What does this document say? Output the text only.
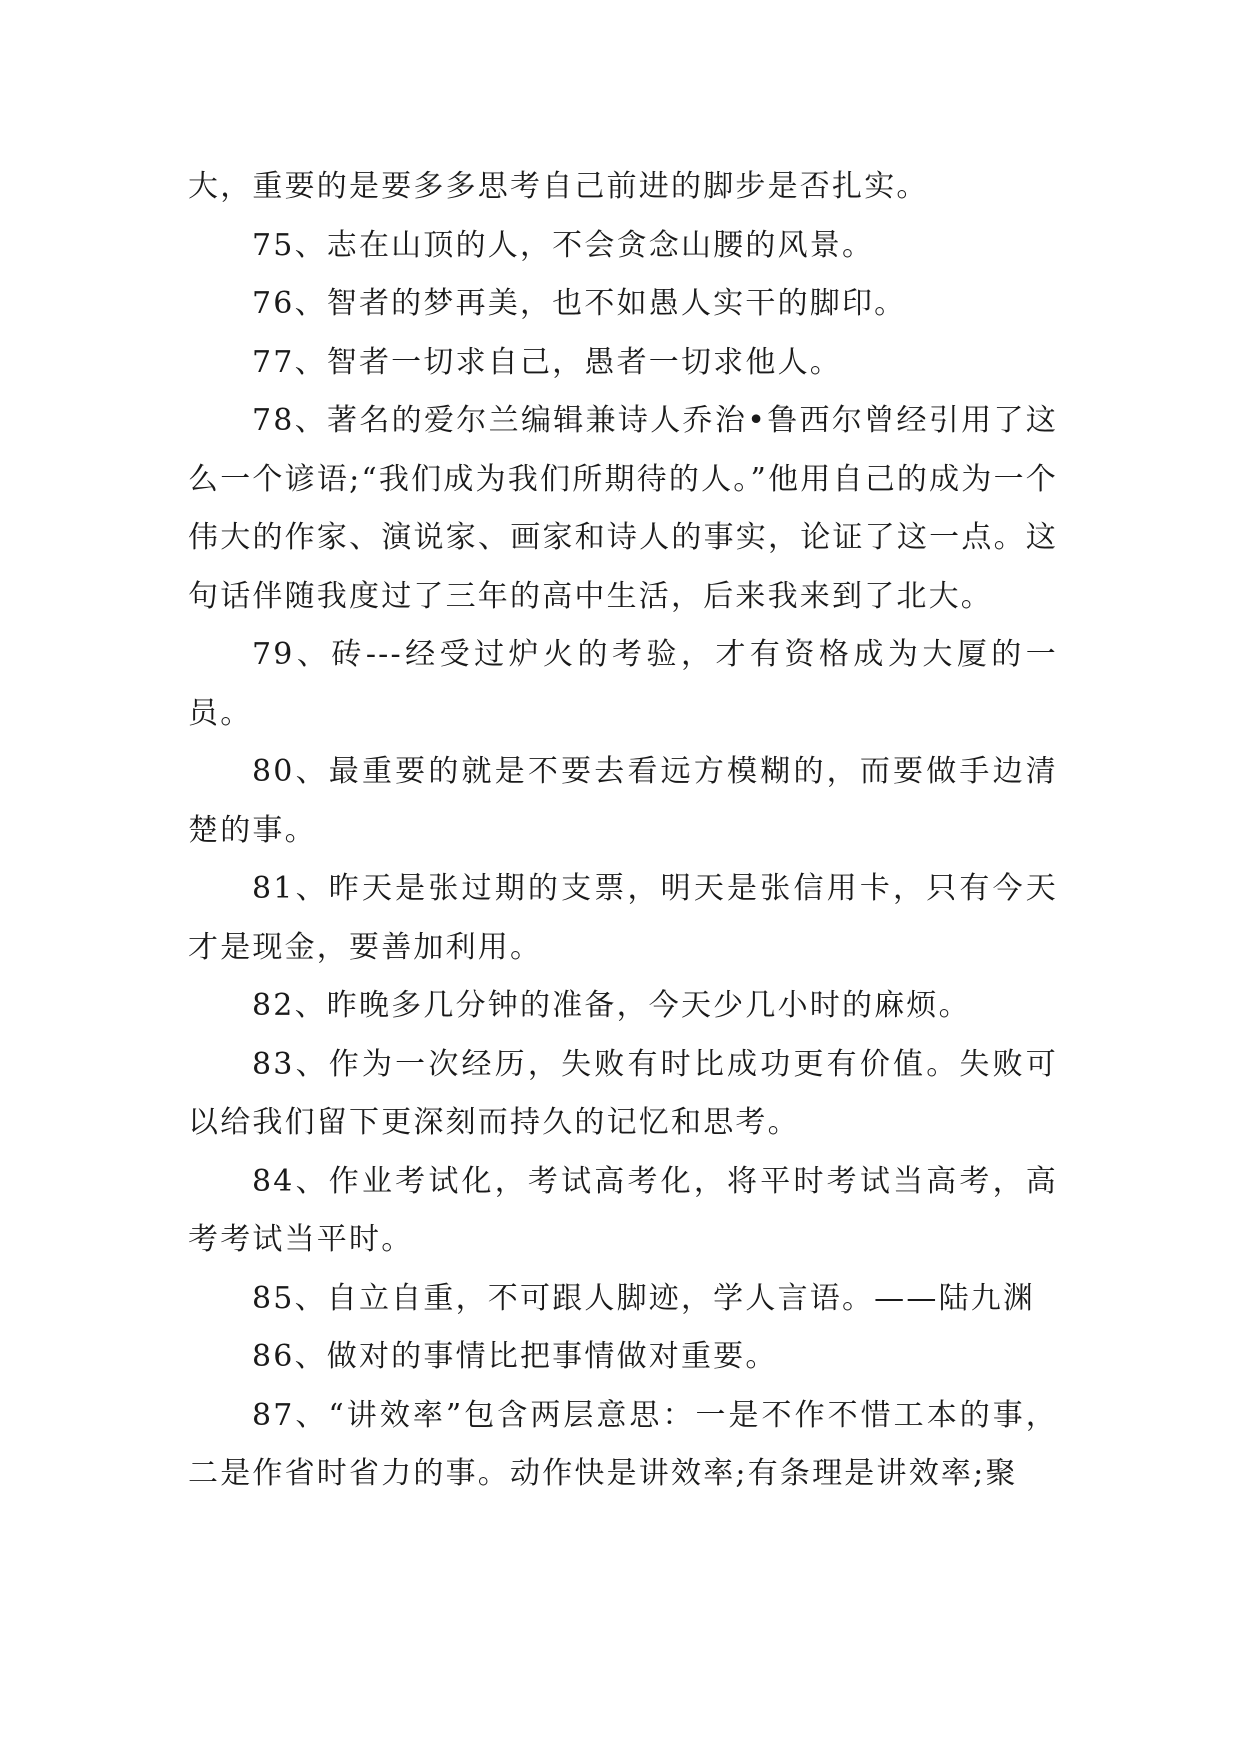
大，重要的是要多多思考自己前进的脚步是否扎实。

75、志在山顶的人，不会贪念山腰的风景。

76、智者的梦再美，也不如愚人实干的脚印。

77、智者一切求自己，愚者一切求他人。

78、著名的爱尔兰编辑兼诗人乔治•鲁西尔曾经引用了这么一个谚语;“我们成为我们所期待的人。”他用自己的成为一个伟大的作家、演说家、画家和诗人的事实，论证了这一点。这句话伴随我度过了三年的高中生活，后来我来到了北大。

79、砖---经受过炉火的考验，才有资格成为大厦的一员。

80、最重要的就是不要去看远方模糊的，而要做手边清楚的事。

81、昨天是张过期的支票，明天是张信用卡，只有今天才是现金，要善加利用。

82、昨晚多几分钟的准备，今天少几小时的麻烦。

83、作为一次经历，失败有时比成功更有价值。失败可以给我们留下更深刻而持久的记忆和思考。

84、作业考试化，考试高考化，将平时考试当高考，高考考试当平时。

85、自立自重，不可跟人脚迹，学人言语。——陆九渊

86、做对的事情比把事情做对重要。

87、“讲效率”包含两层意思：一是不作不惜工本的事，二是作省时省力的事。动作快是讲效率;有条理是讲效率;聚
